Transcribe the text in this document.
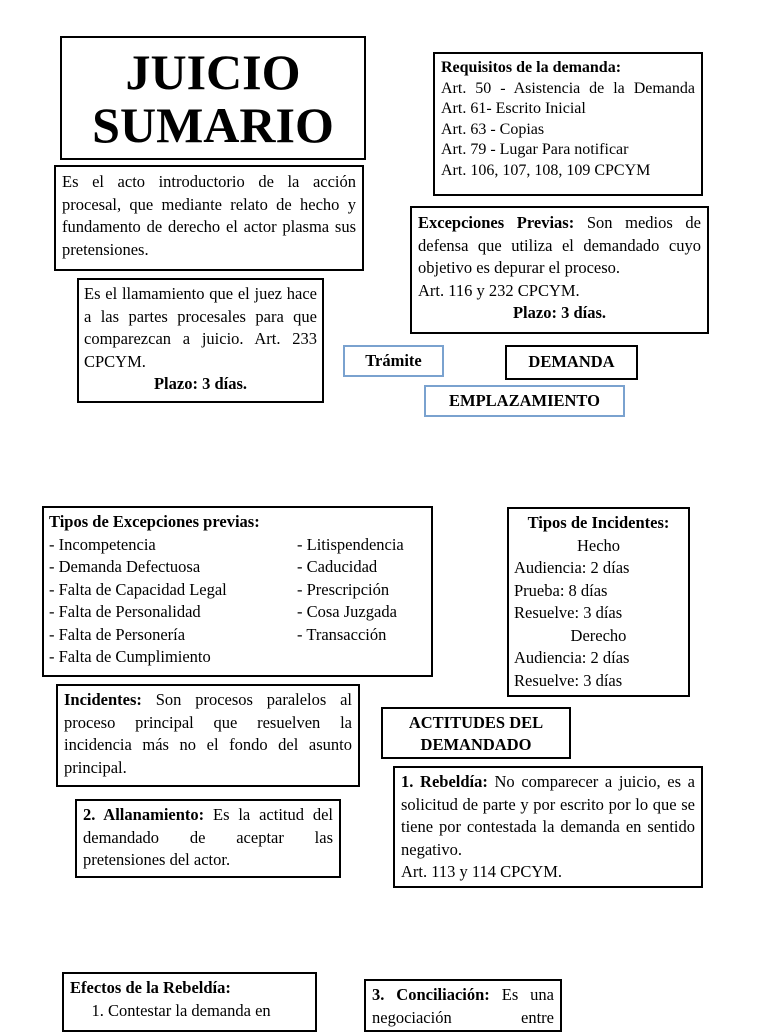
JUICIO
SUMARIO
Es el acto introductorio de la acción procesal, que mediante relato de hecho y fundamento de derecho el actor plasma sus pretensiones.
Requisitos de la demanda:
Art. 50 - Asistencia de la Demanda
Art. 61- Escrito Inicial
Art. 63 - Copias
Art. 79 - Lugar Para notificar
Art. 106, 107, 108, 109 CPCYM
Excepciones Previas: Son medios de defensa que utiliza el demandado cuyo objetivo es depurar el proceso.
Art. 116 y 232 CPCYM.
Plazo: 3 días.
Es el llamamiento que el juez hace a las partes procesales para que comparezcan a juicio. Art. 233 CPCYM.
Plazo: 3 días.
Trámite	DEMANDA
EMPLAZAMIENTO
Tipos de Excepciones previas:
- Incompetencia
- Demanda Defectuosa
- Falta de Capacidad Legal
- Falta de Personalidad
- Falta de Personería
- Falta de Cumplimiento
- Litispendencia
- Caducidad
- Prescripción
- Cosa Juzgada
- Transacción
Tipos de Incidentes:
Hecho
Audiencia: 2 días
Prueba: 8 días
Resuelve: 3 días
Derecho
Audiencia: 2 días
Resuelve: 3 días
Incidentes: Son procesos paralelos al proceso principal que resuelven la incidencia más no el fondo del asunto principal.
ACTITUDES DEL
DEMANDADO
1. Rebeldía: No comparecer a juicio, es a solicitud de parte y por escrito por lo que se tiene por contestada la demanda en sentido negativo.
Art. 113 y 114 CPCYM.
2. Allanamiento: Es la actitud del demandado de aceptar las pretensiones del actor.
Efectos de la Rebeldía:
1. Contestar la demanda en
3. Conciliación: Es una negociación entre
